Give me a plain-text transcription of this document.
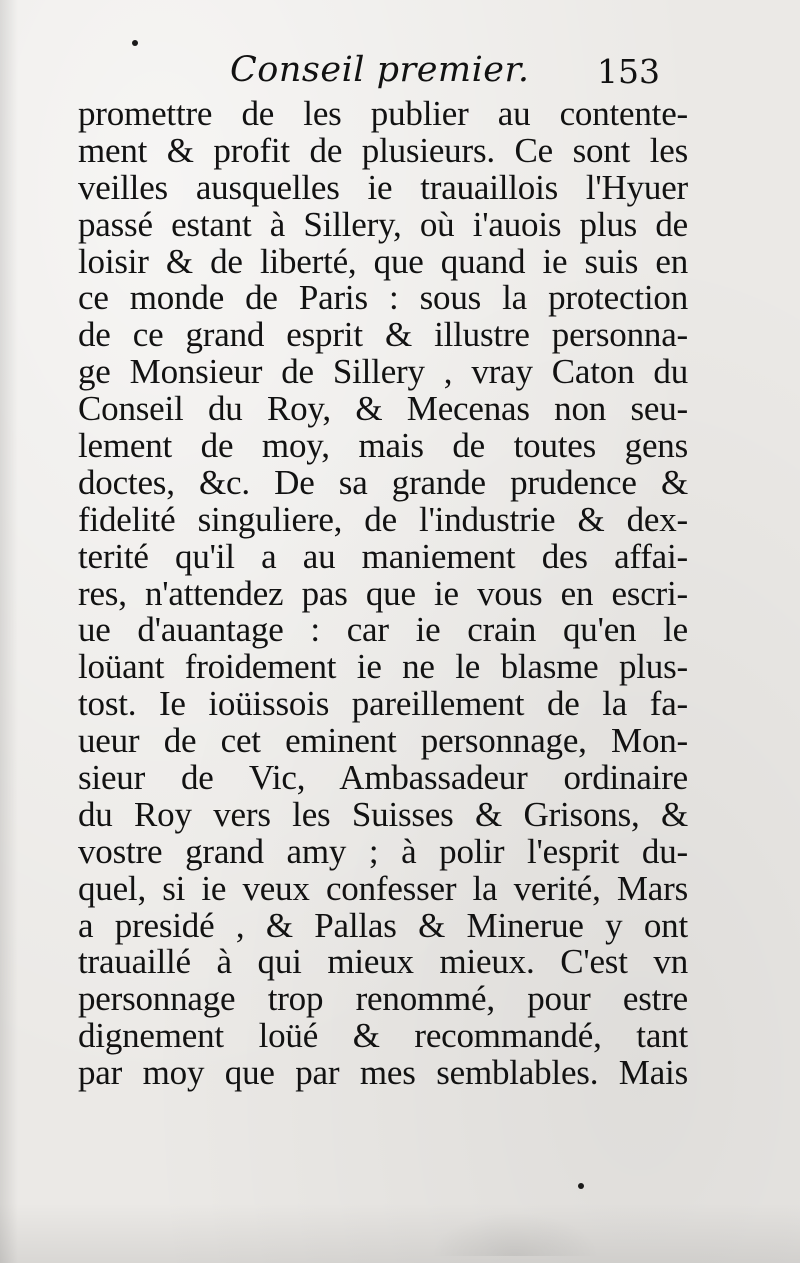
Conseil premier. 153
promettre de les publier au contente-
ment & profit de plusieurs. Ce sont les
veilles ausquelles ie trauaillois l'Hyuer
passé estant à Sillery, où i'auois plus de
loisir & de liberté, que quand ie suis en
ce monde de Paris : sous la protection
de ce grand esprit & illustre personna-
ge Monsieur de Sillery , vray Caton du
Conseil du Roy, & Mecenas non seu-
lement de moy, mais de toutes gens
doctes, &c. De sa grande prudence &
fidelité singuliere, de l'industrie & dex-
terité qu'il a au maniement des affai-
res, n'attendez pas que ie vous en escri-
ue d'auantage : car ie crain qu'en le
loüant froidement ie ne le blasme plus-
tost. Ie ioüissois pareillement de la fa-
ueur de cet eminent personnage, Mon-
sieur de Vic, Ambassadeur ordinaire
du Roy vers les Suisses & Grisons, &
vostre grand amy ; à polir l'esprit du-
quel, si ie veux confesser la verité, Mars
a presidé , & Pallas & Minerue y ont
trauaillé à qui mieux mieux. C'est vn
personnage trop renommé, pour estre
dignement loüé & recommandé, tant
par moy que par mes semblables. Mais
